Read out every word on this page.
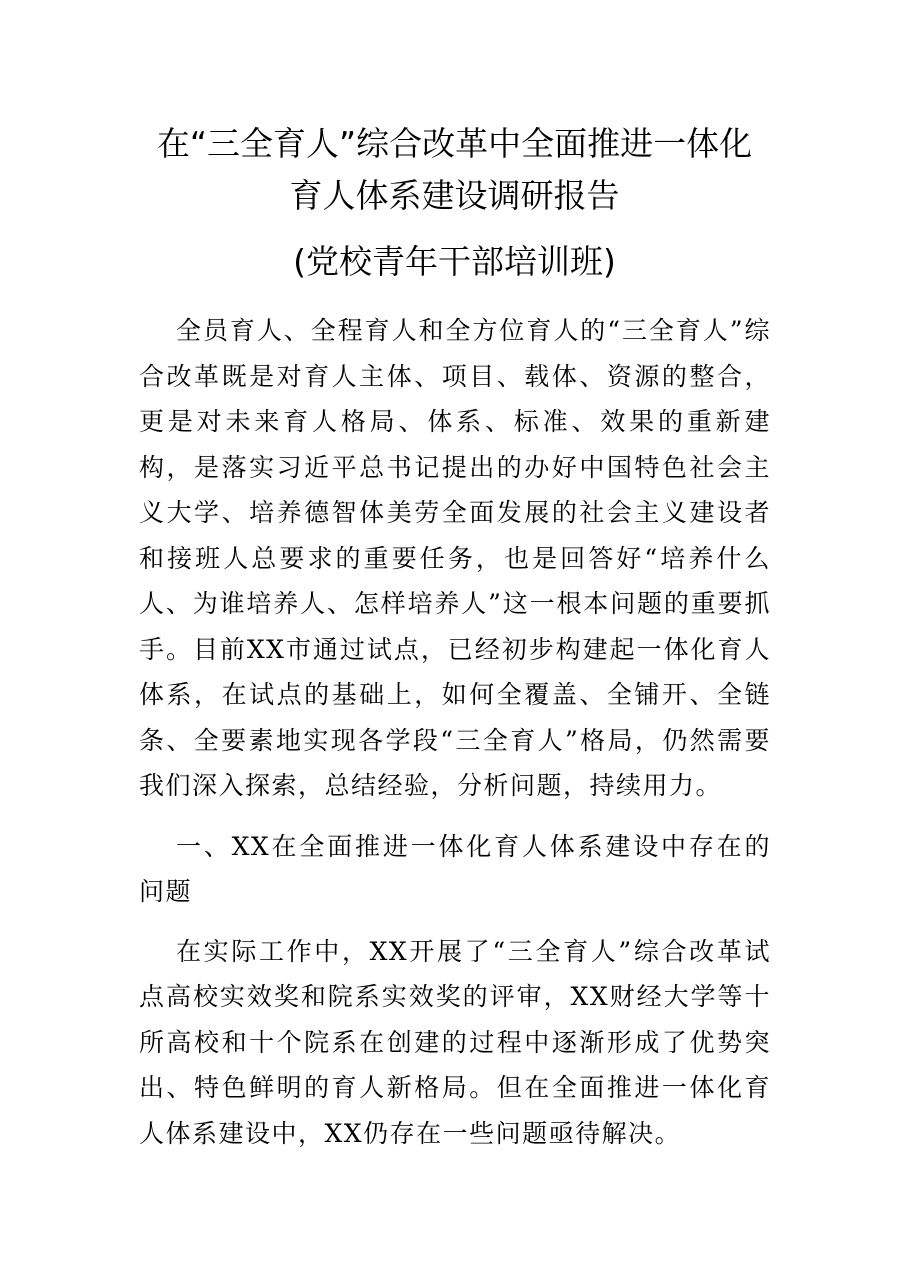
在“三全育人”综合改革中全面推进一体化
育人体系建设调研报告
(党校青年干部培训班)

全员育人、全程育人和全方位育人的“三全育人”综合改革既是对育人主体、项目、载体、资源的整合，更是对未来育人格局、体系、标准、效果的重新建构，是落实习近平总书记提出的办好中国特色社会主义大学、培养德智体美劳全面发展的社会主义建设者和接班人总要求的重要任务，也是回答好“培养什么人、为谁培养人、怎样培养人”这一根本问题的重要抓手。目前XX市通过试点，已经初步构建起一体化育人体系，在试点的基础上，如何全覆盖、全铺开、全链条、全要素地实现各学段“三全育人”格局，仍然需要我们深入探索，总结经验，分析问题，持续用力。

一、XX在全面推进一体化育人体系建设中存在的问题

在实际工作中，XX开展了“三全育人”综合改革试点高校实效奖和院系实效奖的评审，XX财经大学等十所高校和十个院系在创建的过程中逐渐形成了优势突出、特色鲜明的育人新格局。但在全面推进一体化育人体系建设中，XX仍存在一些问题亟待解决。
